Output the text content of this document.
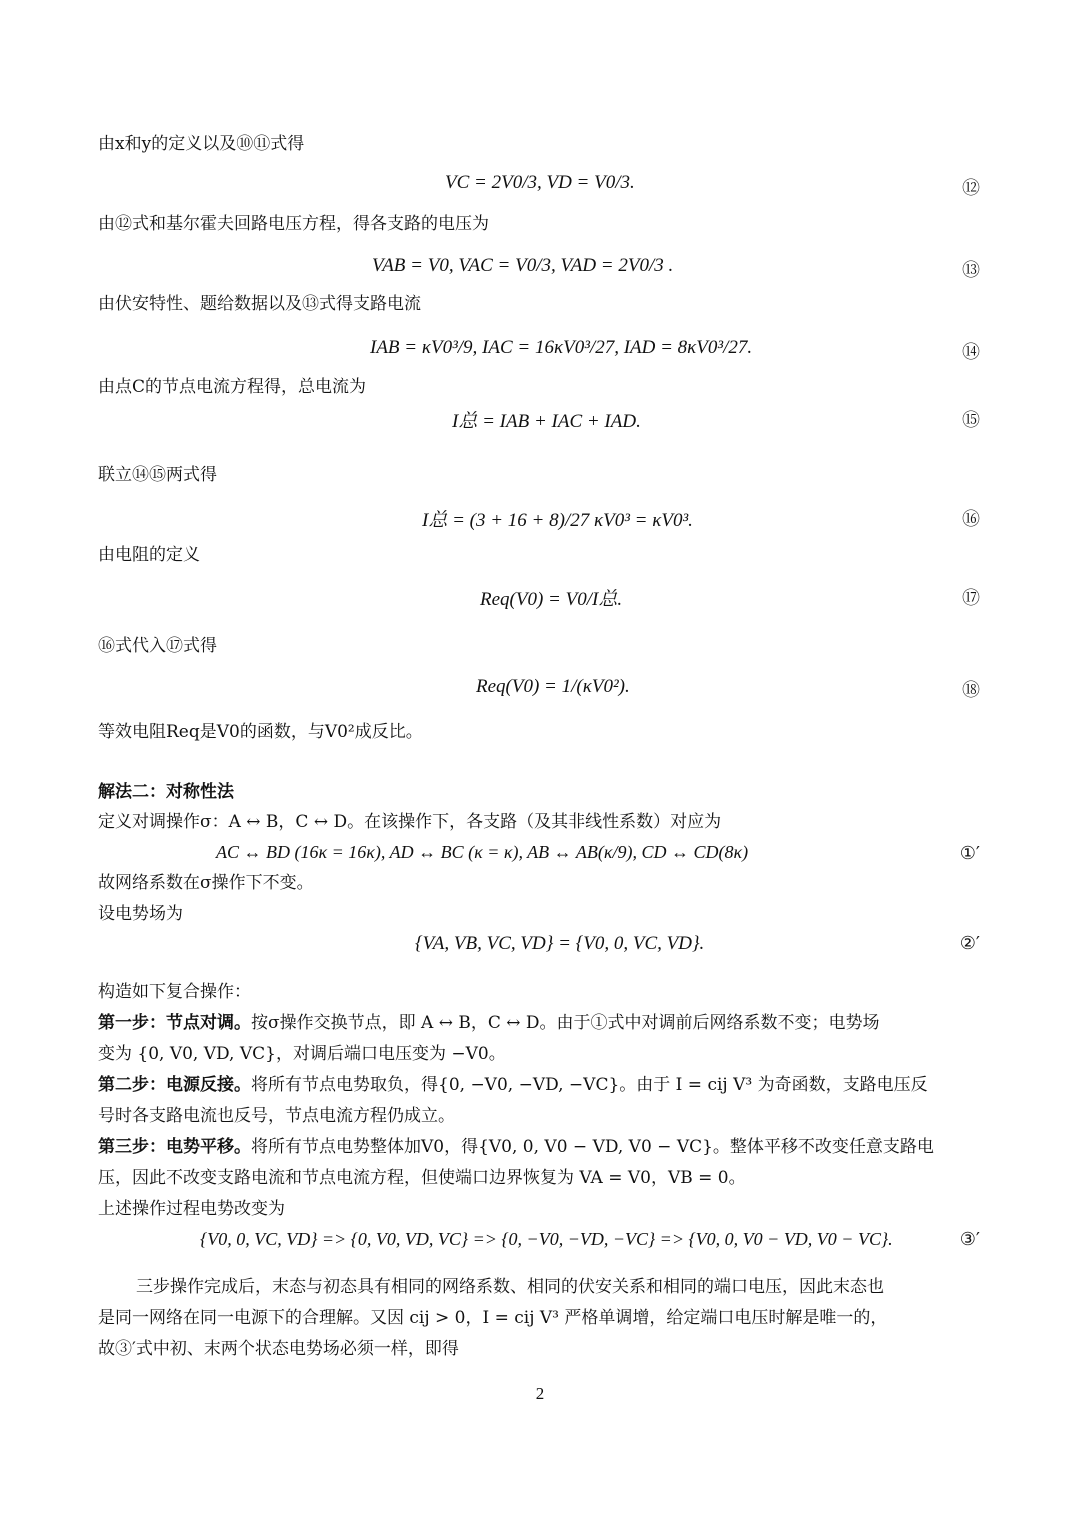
由x和y的定义以及⑩⑪式得
VC = 2V0/3, VD = V0/3.	⑫
由⑫式和基尔霍夫回路电压方程，得各支路的电压为
VAB = V0, VAC = V0/3, VAD = 2V0/3 .	⑬
由伏安特性、题给数据以及⑬式得支路电流
IAB = κV0³/9, IAC = 16κV0³/27, IAD = 8κV0³/27.	⑭
由点C的节点电流方程得，总电流为
I总 = IAB + IAC + IAD.	⑮
联立⑭⑮两式得
I总 = (3 + 16 + 8)/27 κV0³ = κV0³.	⑯
由电阻的定义
Req(V0) = V0/I总.	⑰
⑯式代入⑰式得
Req(V0) = 1/(κV0²).	⑱
等效电阻Req是V0的函数，与V0²成反比。
解法二：对称性法
定义对调操作σ：A ↔ B，C ↔ D。在该操作下，各支路（及其非线性系数）对应为
AC ↔ BD (16κ = 16κ), AD ↔ BC (κ = κ), AB ↔ AB(κ/9), CD ↔ CD(8κ)	①′
故网络系数在σ操作下不变。
设电势场为
{VA, VB, VC, VD} = {V0, 0, VC, VD}.	②′
构造如下复合操作：
第一步：节点对调。按σ操作交换节点，即 A ↔ B，C ↔ D。由于①式中对调前后网络系数不变；电势场
变为 {0, V0, VD, VC}，对调后端口电压变为 −V0。
第二步：电源反接。将所有节点电势取负，得{0, −V0, −VD, −VC}。由于 I = cij V³ 为奇函数，支路电压反
号时各支路电流也反号，节点电流方程仍成立。
第三步：电势平移。将所有节点电势整体加V0，得{V0, 0, V0 − VD, V0 − VC}。整体平移不改变任意支路电
压，因此不改变支路电流和节点电流方程，但使端口边界恢复为 VA = V0，VB = 0。
上述操作过程电势改变为
{V0, 0, VC, VD} => {0, V0, VD, VC} => {0, −V0, −VD, −VC} => {V0, 0, V0 − VD, V0 − VC}.	③′
三步操作完成后，末态与初态具有相同的网络系数、相同的伏安关系和相同的端口电压，因此末态也
是同一网络在同一电源下的合理解。又因 cij > 0，I = cij V³ 严格单调增，给定端口电压时解是唯一的，
故③′式中初、末两个状态电势场必须一样，即得
2
